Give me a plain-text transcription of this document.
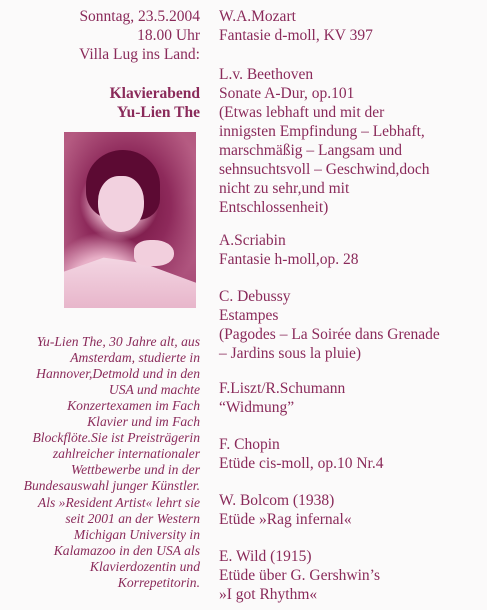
Sonntag, 23.5.2004
18.00 Uhr
Villa Lug ins Land:
Klavierabend
Yu-Lien The
Yu-Lien The, 30 Jahre alt, aus
Amsterdam, studierte in
Hannover,Detmold und in den
USA und machte
Konzertexamen im Fach
Klavier und im Fach
Blockflöte.Sie ist Preisträgerin
zahlreicher internationaler
Wettbewerbe und in der
Bundesauswahl junger Künstler.
Als »Resident Artist« lehrt sie
seit 2001 an der Western
Michigan University in
Kalamazoo in den USA als
Klavierdozentin und
Korrepetitorin.
W.A.Mozart
Fantasie d-moll, KV 397
L.v. Beethoven
Sonate A-Dur, op.101
(Etwas lebhaft und mit der
innigsten Empfindung – Lebhaft,
marschmäßig – Langsam und
sehnsuchtsvoll – Geschwind,doch
nicht zu sehr,und mit
Entschlossenheit)
A.Scriabin
Fantasie h-moll,op. 28
C. Debussy
Estampes
(Pagodes – La Soirée dans Grenade
– Jardins sous la pluie)
F.Liszt/R.Schumann
“Widmung”
F. Chopin
Etüde cis-moll, op.10 Nr.4
W. Bolcom (1938)
Etüde »Rag infernal«
E. Wild (1915)
Etüde über G. Gershwin’s
»I got Rhythm«
